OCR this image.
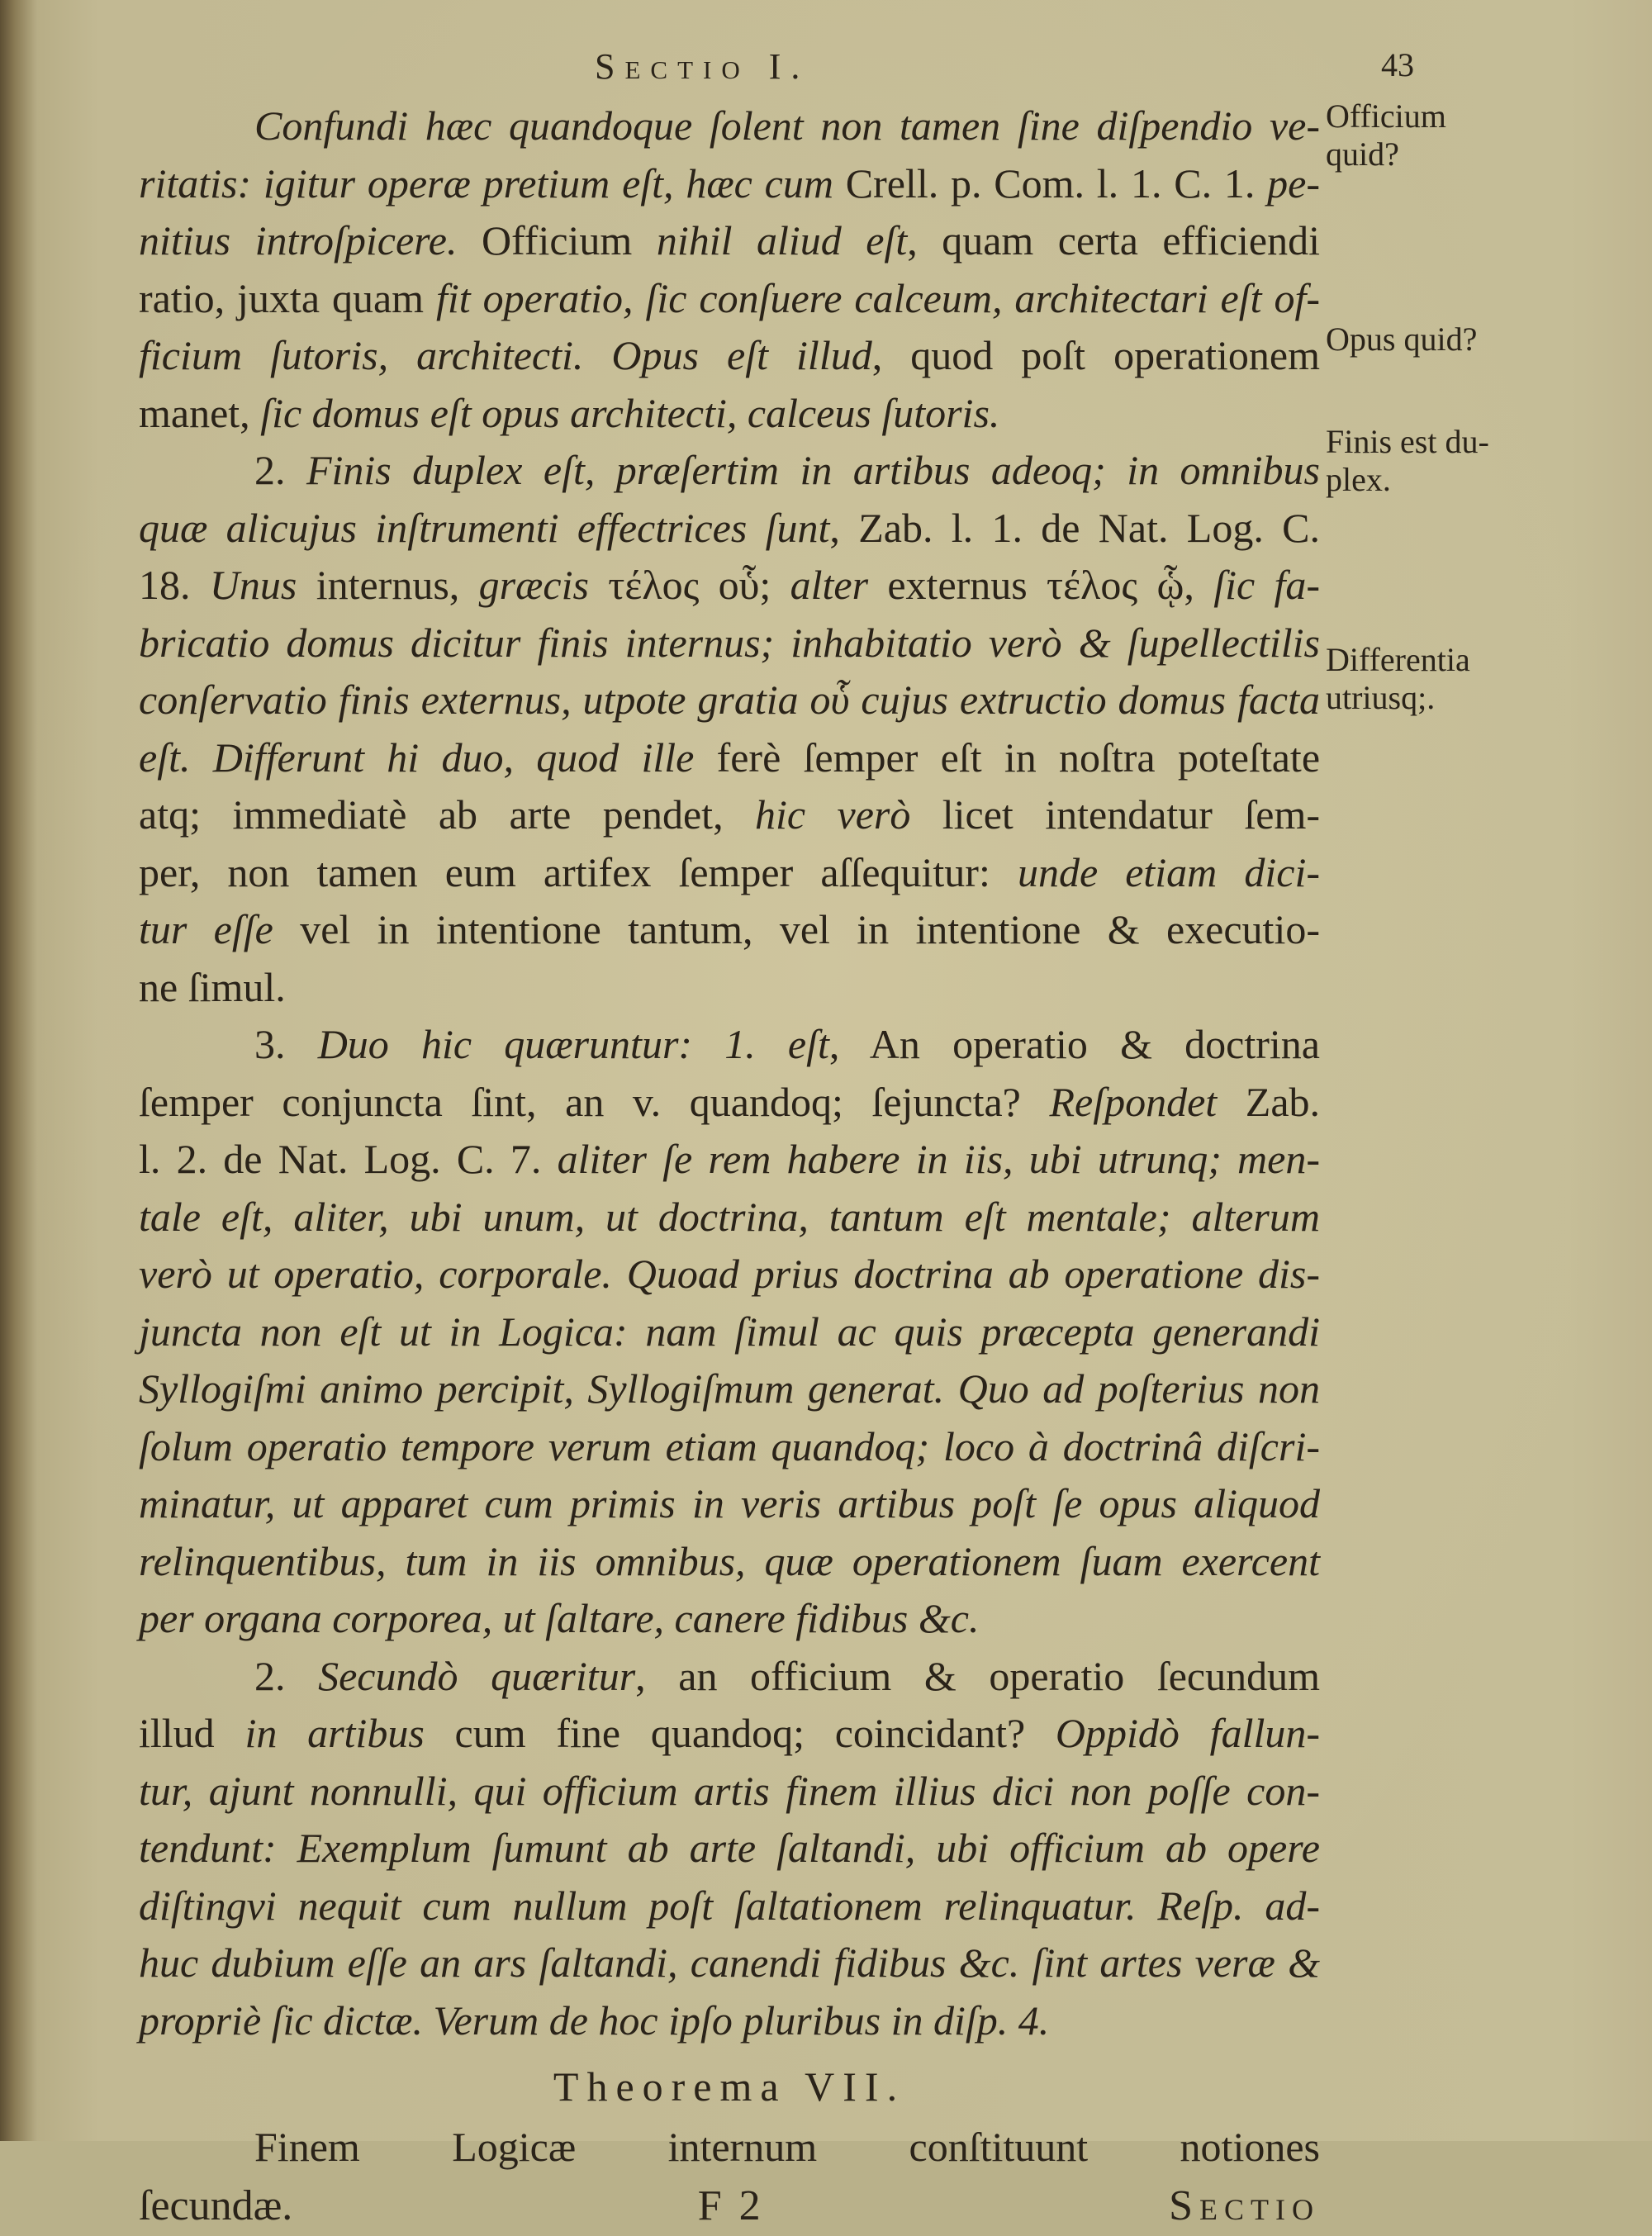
Sectio I.	43
Confundi hæc quandoque ſolent non tamen ſine diſpendio ve-
ritatis: igitur operæ pretium eſt, hæc cum Crell. p. Com. l. 1. C. 1. pe-
nitius introſpicere. Officium nihil aliud eſt, quam certa efficiendi
ratio, juxta quam fit operatio, ſic conſuere calceum, architectari eſt of-
ficium ſutoris, architecti. Opus eſt illud, quod poſt operationem
manet, ſic domus eſt opus architecti, calceus ſutoris.
2. Finis duplex eſt, præſertim in artibus adeoq; in omnibus
quæ alicujus inſtrumenti effectrices ſunt, Zab. l. 1. de Nat. Log. C.
18. Unus internus, græcis τέλος οὗ; alter externus τέλος ᾧ, ſic fa-
bricatio domus dicitur finis internus; inhabitatio verò & ſupellectilis
conſervatio finis externus, utpote gratia οὗ cujus extructio domus facta
eſt. Differunt hi duo, quod ille ferè ſemper eſt in noſtra poteſtate
atq; immediatè ab arte pendet, hic verò licet intendatur ſem-
per, non tamen eum artifex ſemper aſſequitur: unde etiam dici-
tur eſſe vel in intentione tantum, vel in intentione & executio-
ne ſimul.
3. Duo hic quæruntur: 1. eſt, An operatio & doctrina
ſemper conjuncta ſint, an v. quandoq; ſejuncta? Reſpondet Zab.
l. 2. de Nat. Log. C. 7. aliter ſe rem habere in iis, ubi utrunq; men-
tale eſt, aliter, ubi unum, ut doctrina, tantum eſt mentale; alterum
verò ut operatio, corporale. Quoad prius doctrina ab operatione dis-
juncta non eſt ut in Logica: nam ſimul ac quis præcepta generandi
Syllogiſmi animo percipit, Syllogiſmum generat. Quo ad poſterius non
ſolum operatio tempore verum etiam quandoq; loco à doctrinâ diſcri-
minatur, ut apparet cum primis in veris artibus poſt ſe opus aliquod
relinquentibus, tum in iis omnibus, quæ operationem ſuam exercent
per organa corporea, ut ſaltare, canere fidibus &c.
2. Secundò quæritur, an officium & operatio ſecundum
illud in artibus cum fine quandoq; coincidant? Oppidò fallun-
tur, ajunt nonnulli, qui officium artis finem illius dici non poſſe con-
tendunt: Exemplum ſumunt ab arte ſaltandi, ubi officium ab opere
diſtingvi nequit cum nullum poſt ſaltationem relinquatur. Reſp. ad-
huc dubium eſſe an ars ſaltandi, canendi fidibus &c. ſint artes veræ &
propriè ſic dictæ. Verum de hoc ipſo pluribus in diſp. 4.
Theorema VII.
Finem Logicæ internum conſtituunt notiones
ſecundæ.	F 2	Sectio
Officium
quid?
Opus quid?
Finis est du-
plex.
Differentia
utriusq;.
